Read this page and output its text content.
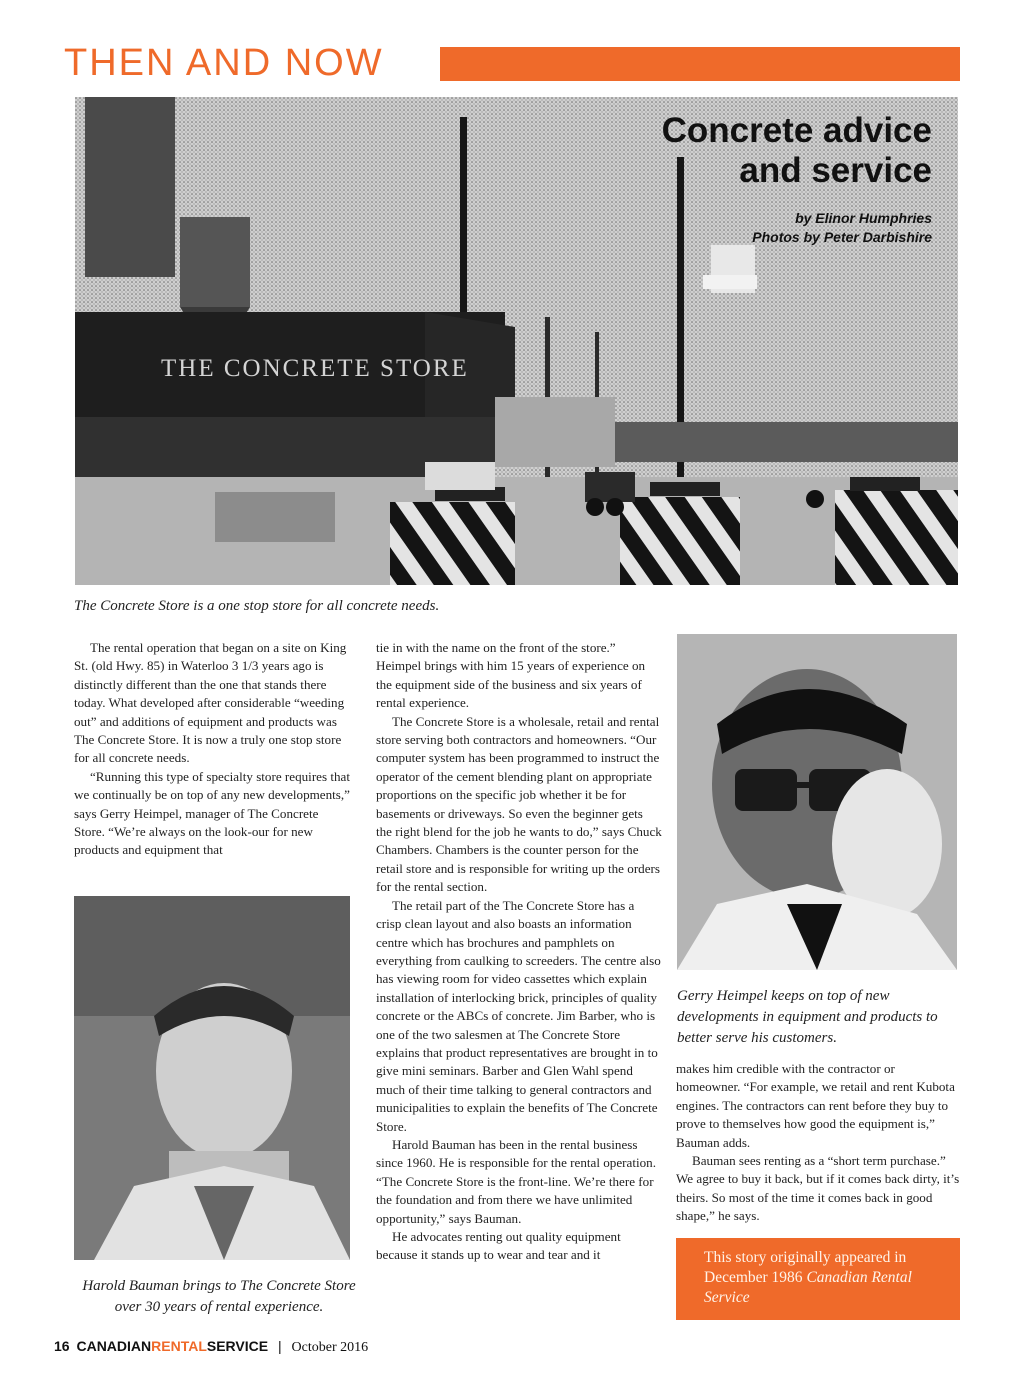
THEN AND NOW
Concrete advice
and service
by Elinor Humphries
Photos by Peter Darbishire
THE CONCRETE STORE
The Concrete Store is a one stop store for all concrete needs.

The rental operation that began on a site on King St. (old Hwy. 85) in Waterloo 3 1/3 years ago is distinctly different than the one that stands there today. What developed after considerable “weeding out” and additions of equipment and products was The Concrete Store. It is now a truly one stop store for all concrete needs.

“Running this type of specialty store requires that we continually be on top of any new developments,” says Gerry Heimpel, manager of The Concrete Store. “We’re always on the look-our for new products and equipment that

Harold Bauman brings to The Concrete Store over 30 years of rental experience.

tie in with the name on the front of the store.” Heimpel brings with him 15 years of experience on the equipment side of the business and six years of rental experience.

The Concrete Store is a wholesale, retail and rental store serving both contractors and homeowners. “Our computer system has been programmed to instruct the operator of the cement blending plant on appropriate proportions on the specific job whether it be for basements or driveways. So even the beginner gets the right blend for the job he wants to do,” says Chuck Chambers. Chambers is the counter person for the retail store and is responsible for writing up the orders for the rental section.

The retail part of the The Concrete Store has a crisp clean layout and also boasts an information centre which has brochures and pamphlets on everything from caulking to screeders. The centre also has viewing room for video cassettes which explain installation of interlocking brick, principles of quality concrete or the ABCs of concrete. Jim Barber, who is one of the two salesmen at The Concrete Store explains that product representatives are brought in to give mini seminars. Barber and Glen Wahl spend much of their time talking to general contractors and municipalities to explain the benefits of The Concrete Store.

Harold Bauman has been in the rental business since 1960. He is responsible for the rental operation. “The Concrete Store is the front-line. We’re there for the foundation and from there we have unlimited opportunity,” says Bauman.

He advocates renting out quality equipment because it stands up to wear and tear and it

Gerry Heimpel keeps on top of new developments in equipment and products to better serve his customers.

makes him credible with the contractor or homeowner. “For example, we retail and rent Kubota engines. The contractors can rent before they buy to prove to themselves how good the equipment is,” Bauman adds.

Bauman sees renting as a “short term purchase.” We agree to buy it back, but if it comes back dirty, it’s theirs. So most of the time it comes back in good shape,” he says.

This story originally appeared in December 1986 Canadian Rental Service
16 CANADIANRENTALSERVICE | October 2016
